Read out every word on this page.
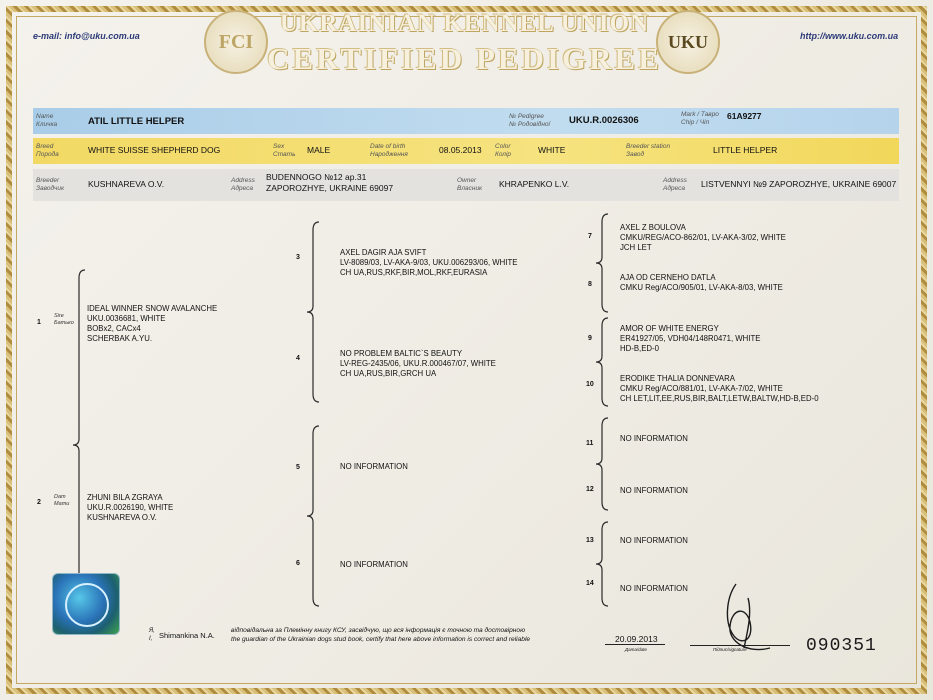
e-mail: info@uku.com.ua	http://www.uku.com.ua
FCI	UKU
UKRAINIAN KENNEL UNION
CERTIFIED PEDIGREE
Name
Кличка	ATIL LITTLE HELPER	№ Pedigree
№ Родовідної UKU.R.0026306
Mark / Тавро
Chip / Чіп
61A9277
Breed
Порода	WHITE SUISSE SHEPHERD DOG	Sex
Стать MALE	Date of birth
Народження	08.05.2013 Color
Колір	WHITE	Breeder station
Завод	LITTLE HELPER
Breeder
Заводчик	KUSHNAREVA O.V.	Address
Адреса
BUDENNOGO №12 ap.31
ZAPOROZHYE, UKRAINE 69097
Owner
Власник KHRAPENKO L.V.	Address
Адреса LISTVENNYI №9 ZAPOROZHYE, UKRAINE 69007
1
Sire
Батько
IDEAL WINNER SNOW AVALANCHE
UKU.0036681, WHITE
BOBx2, CACx4
SCHERBAK A.YU.
2
Dam
Мати
ZHUNI BILA ZGRAYA
UKU.R.0026190, WHITE
KUSHNAREVA O.V.
3
AXEL DAGIR AJA SVIFT
LV-8089/03, LV-AKA-9/03, UKU.006293/06, WHITE
CH UA,RUS,RKF,BIR,MOL,RKF,EURASIA
4
NO PROBLEM BALTIC`S BEAUTY
LV-REG-2435/06, UKU.R.000467/07, WHITE
CH UA,RUS,BIR,GRCH UA
5	NO INFORMATION
6	NO INFORMATION
7
AXEL Z BOULOVA
CMKU/REG/ACO-862/01, LV-AKA-3/02, WHITE
JCH LET
8
AJA OD CERNEHO DATLA
CMKU Reg/ACO/905/01, LV-AKA-8/03, WHITE
9
AMOR OF WHITE ENERGY
ER41927/05, VDH04/148R0471, WHITE
HD-B,ED-0
10
ERODIKE THALIA DONNEVARA
CMKU Reg/ACO/881/01, LV-AKA-7/02, WHITE
CH LET,LIT,EE,RUS,BIR,BALT,LETW,BALTW,HD-B,ED-0
11
NO INFORMATION
12	NO INFORMATION
13	NO INFORMATION
14
NO INFORMATION
Я,
I, Shimankina N.A.
відповідальна за Племінну книгу КСУ, засвідчую, що вся інформація є точною та достовірною
the guardian of the Ukrainian dogs stud book, certify that here above information is correct and reliable	20.09.2013
Дата/date	Підпис/signature	090351
